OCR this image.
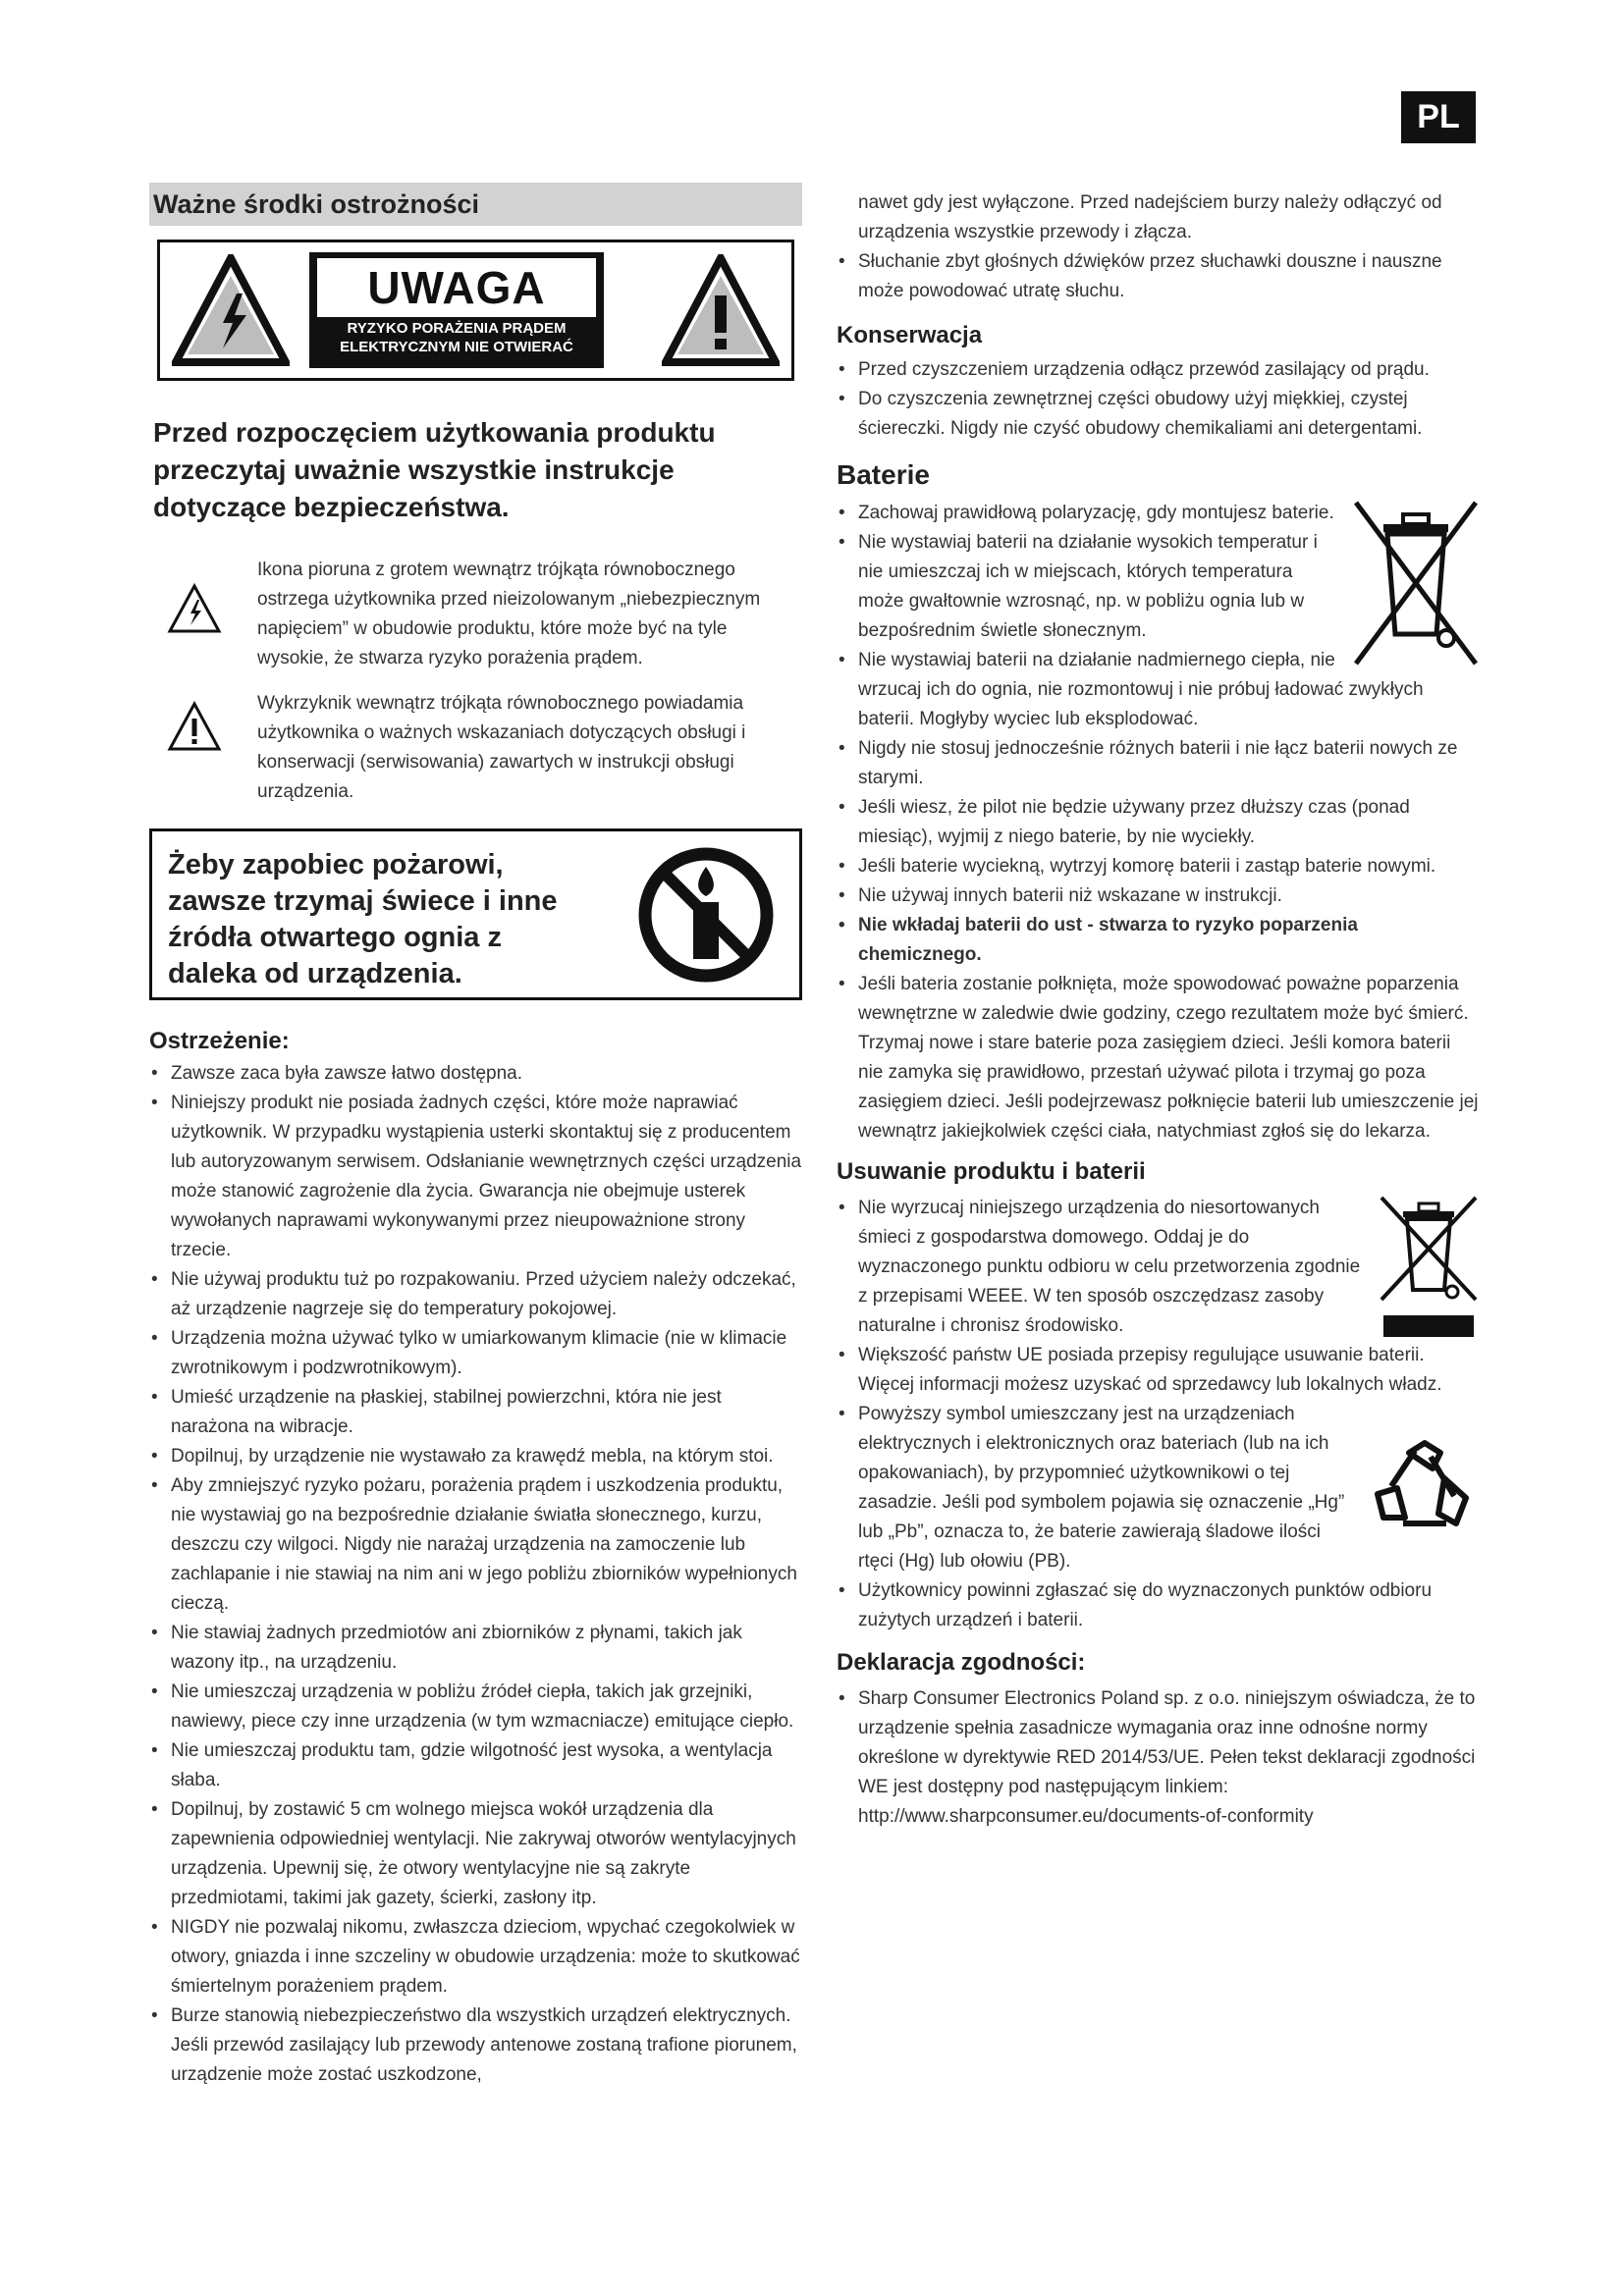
PL
Ważne środki ostrożności
UWAGA
RYZYKO PORAŻENIA PRĄDEM
ELEKTRYCZNYM NIE OTWIERAĆ
Przed rozpoczęciem użytkowania produktu przeczytaj uważnie wszystkie instrukcje dotyczące bezpieczeństwa.
Ikona pioruna z grotem wewnątrz trójkąta równobocznego ostrzega użytkownika przed nieizolowanym „niebezpiecznym napięciem” w obudowie produktu, które może być na tyle wysokie, że stwarza ryzyko porażenia prądem.
Wykrzyknik wewnątrz trójkąta równobocznego powiadamia użytkownika o ważnych wskazaniach dotyczących obsługi i konserwacji (serwisowania) zawartych w instrukcji obsługi urządzenia.
Żeby zapobiec pożarowi, zawsze trzymaj świece i inne źródła otwartego ognia z daleka od urządzenia.
Ostrzeżenie:
• Zawsze zaca była zawsze łatwo dostępna.
• Niniejszy produkt nie posiada żadnych części, które może naprawiać użytkownik. W przypadku wystąpienia usterki skontaktuj się z producentem lub autoryzowanym serwisem. Odsłanianie wewnętrznych części urządzenia może stanowić zagrożenie dla życia. Gwarancja nie obejmuje usterek wywołanych naprawami wykonywanymi przez nieupoważnione strony trzecie.
• Nie używaj produktu tuż po rozpakowaniu. Przed użyciem należy odczekać, aż urządzenie nagrzeje się do temperatury pokojowej.
• Urządzenia można używać tylko w umiarkowanym klimacie (nie w klimacie zwrotnikowym i podzwrotnikowym).
• Umieść urządzenie na płaskiej, stabilnej powierzchni, która nie jest narażona na wibracje.
• Dopilnuj, by urządzenie nie wystawało za krawędź mebla, na którym stoi.
• Aby zmniejszyć ryzyko pożaru, porażenia prądem i uszkodzenia produktu, nie wystawiaj go na bezpośrednie działanie światła słonecznego, kurzu, deszczu czy wilgoci. Nigdy nie narażaj urządzenia na zamoczenie lub zachlapanie i nie stawiaj na nim ani w jego pobliżu zbiorników wypełnionych cieczą.
• Nie stawiaj żadnych przedmiotów ani zbiorników z płynami, takich jak wazony itp., na urządzeniu.
• Nie umieszczaj urządzenia w pobliżu źródeł ciepła, takich jak grzejniki, nawiewy, piece czy inne urządzenia (w tym wzmacniacze) emitujące ciepło.
• Nie umieszczaj produktu tam, gdzie wilgotność jest wysoka, a wentylacja słaba.
• Dopilnuj, by zostawić 5 cm wolnego miejsca wokół urządzenia dla zapewnienia odpowiedniej wentylacji. Nie zakrywaj otworów wentylacyjnych urządzenia. Upewnij się, że otwory wentylacyjne nie są zakryte przedmiotami, takimi jak gazety, ścierki, zasłony itp.
• NIGDY nie pozwalaj nikomu, zwłaszcza dzieciom, wpychać czegokolwiek w otwory, gniazda i inne szczeliny w obudowie urządzenia: może to skutkować śmiertelnym porażeniem prądem.
• Burze stanowią niebezpieczeństwo dla wszystkich urządzeń elektrycznych. Jeśli przewód zasilający lub przewody antenowe zostaną trafione piorunem, urządzenie może zostać uszkodzone,
nawet gdy jest wyłączone. Przed nadejściem burzy należy odłączyć od urządzenia wszystkie przewody i złącza.
• Słuchanie zbyt głośnych dźwięków przez słuchawki douszne i nauszne może powodować utratę słuchu.
Konserwacja
• Przed czyszczeniem urządzenia odłącz przewód zasilający od prądu.
• Do czyszczenia zewnętrznej części obudowy użyj miękkiej, czystej ściereczki. Nigdy nie czyść obudowy chemikaliami ani detergentami.
Baterie
• Zachowaj prawidłową polaryzację, gdy montujesz baterie.
• Nie wystawiaj baterii na działanie wysokich temperatur i nie umieszczaj ich w miejscach, których temperatura może gwałtownie wzrosnąć, np. w pobliżu ognia lub w bezpośrednim świetle słonecznym.
• Nie wystawiaj baterii na działanie nadmiernego ciepła, nie wrzucaj ich do ognia, nie rozmontowuj i nie próbuj ładować zwykłych baterii. Mogłyby wyciec lub eksplodować.
• Nigdy nie stosuj jednocześnie różnych baterii i nie łącz baterii nowych ze starymi.
• Jeśli wiesz, że pilot nie będzie używany przez dłuższy czas (ponad miesiąc), wyjmij z niego baterie, by nie wyciekły.
• Jeśli baterie wyciekną, wytrzyj komorę baterii i zastąp baterie nowymi.
• Nie używaj innych baterii niż wskazane w instrukcji.
• Nie wkładaj baterii do ust - stwarza to ryzyko poparzenia chemicznego.
• Jeśli bateria zostanie połknięta, może spowodować poważne poparzenia wewnętrzne w zaledwie dwie godziny, czego rezultatem może być śmierć. Trzymaj nowe i stare baterie poza zasięgiem dzieci. Jeśli komora baterii nie zamyka się prawidłowo, przestań używać pilota i trzymaj go poza zasięgiem dzieci. Jeśli podejrzewasz połknięcie baterii lub umieszczenie jej wewnątrz jakiejkolwiek części ciała, natychmiast zgłoś się do lekarza.
Usuwanie produktu i baterii
• Nie wyrzucaj niniejszego urządzenia do niesortowanych śmieci z gospodarstwa domowego. Oddaj je do wyznaczonego punktu odbioru w celu przetworzenia zgodnie z przepisami WEEE. W ten sposób oszczędzasz zasoby naturalne i chronisz środowisko.
• Większość państw UE posiada przepisy regulujące usuwanie baterii. Więcej informacji możesz uzyskać od sprzedawcy lub lokalnych władz.
• Powyższy symbol umieszczany jest na urządzeniach elektrycznych i elektronicznych oraz bateriach (lub na ich opakowaniach), by przypomnieć użytkownikowi o tej zasadzie. Jeśli pod symbolem pojawia się oznaczenie „Hg” lub „Pb”, oznacza to, że baterie zawierają śladowe ilości rtęci (Hg) lub ołowiu (PB).
• Użytkownicy powinni zgłaszać się do wyznaczonych punktów odbioru zużytych urządzeń i baterii.
Deklaracja zgodności:
• Sharp Consumer Electronics Poland sp. z o.o. niniejszym oświadcza, że to urządzenie spełnia zasadnicze wymagania oraz inne odnośne normy określone w dyrektywie RED 2014/53/UE. Pełen tekst deklaracji zgodności WE jest dostępny pod następującym linkiem: http://www.sharpconsumer.eu/documents-of-conformity
